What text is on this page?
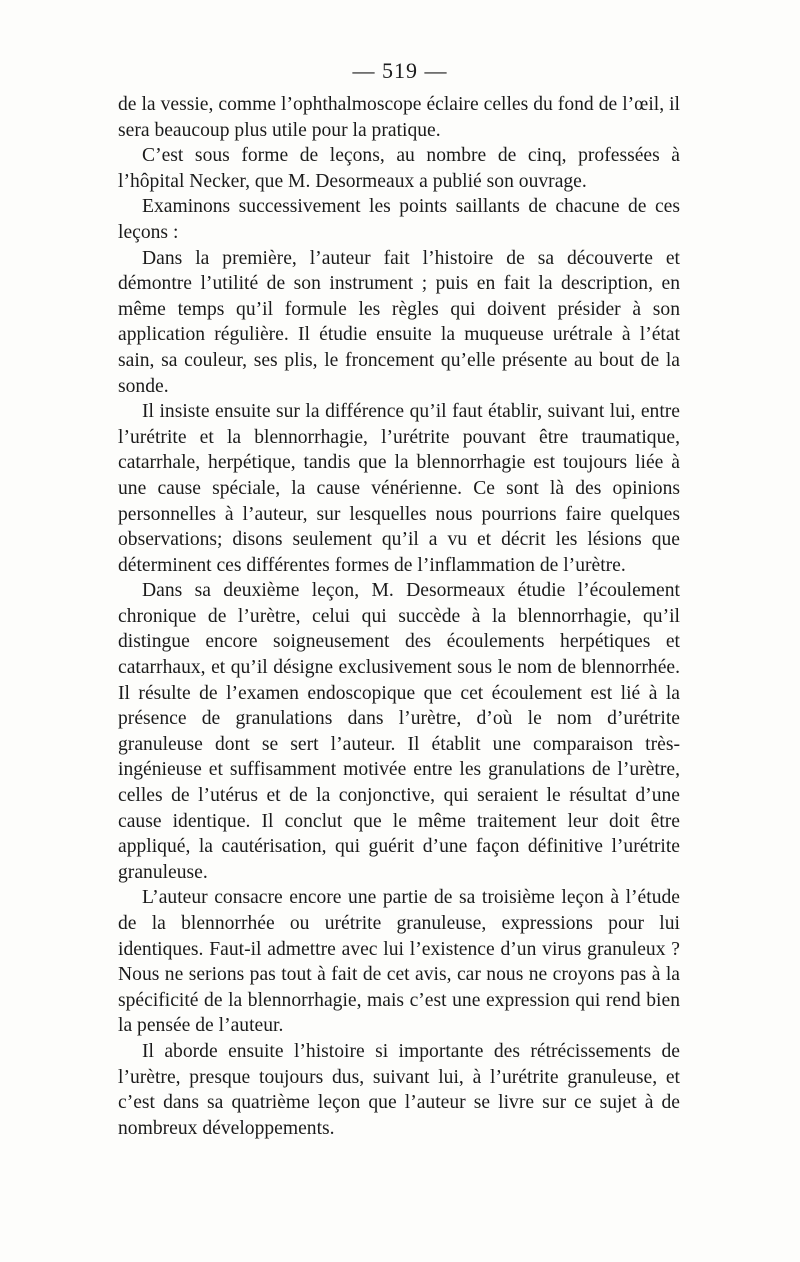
— 519 —

de la vessie, comme l’ophthalmoscope éclaire celles du fond de l’œil, il sera beaucoup plus utile pour la pratique.

C’est sous forme de leçons, au nombre de cinq, professées à l’hôpital Necker, que M. Desormeaux a publié son ouvrage.

Examinons successivement les points saillants de chacune de ces leçons :

Dans la première, l’auteur fait l’histoire de sa découverte et démontre l’utilité de son instrument ; puis en fait la description, en même temps qu’il formule les règles qui doivent présider à son application régulière. Il étudie ensuite la muqueuse urétrale à l’état sain, sa couleur, ses plis, le froncement qu’elle présente au bout de la sonde.

Il insiste ensuite sur la différence qu’il faut établir, suivant lui, entre l’urétrite et la blennorrhagie, l’urétrite pouvant être traumatique, catarrhale, herpétique, tandis que la blennorrhagie est toujours liée à une cause spéciale, la cause vénérienne. Ce sont là des opinions personnelles à l’auteur, sur lesquelles nous pourrions faire quelques observations; disons seulement qu’il a vu et décrit les lésions que déterminent ces différentes formes de l’inflammation de l’urètre.

Dans sa deuxième leçon, M. Desormeaux étudie l’écoulement chronique de l’urètre, celui qui succède à la blennorrhagie, qu’il distingue encore soigneusement des écoulements herpétiques et catarrhaux, et qu’il désigne exclusivement sous le nom de blennorrhée. Il résulte de l’examen endoscopique que cet écoulement est lié à la présence de granulations dans l’urètre, d’où le nom d’urétrite granuleuse dont se sert l’auteur. Il établit une comparaison très-ingénieuse et suffisamment motivée entre les granulations de l’urètre, celles de l’utérus et de la conjonctive, qui seraient le résultat d’une cause identique. Il conclut que le même traitement leur doit être appliqué, la cautérisation, qui guérit d’une façon définitive l’urétrite granuleuse.

L’auteur consacre encore une partie de sa troisième leçon à l’étude de la blennorrhée ou urétrite granuleuse, expressions pour lui identiques. Faut-il admettre avec lui l’existence d’un virus granuleux ? Nous ne serions pas tout à fait de cet avis, car nous ne croyons pas à la spécificité de la blennorrhagie, mais c’est une expression qui rend bien la pensée de l’auteur.

Il aborde ensuite l’histoire si importante des rétrécissements de l’urètre, presque toujours dus, suivant lui, à l’urétrite granuleuse, et c’est dans sa quatrième leçon que l’auteur se livre sur ce sujet à de nombreux développements.
